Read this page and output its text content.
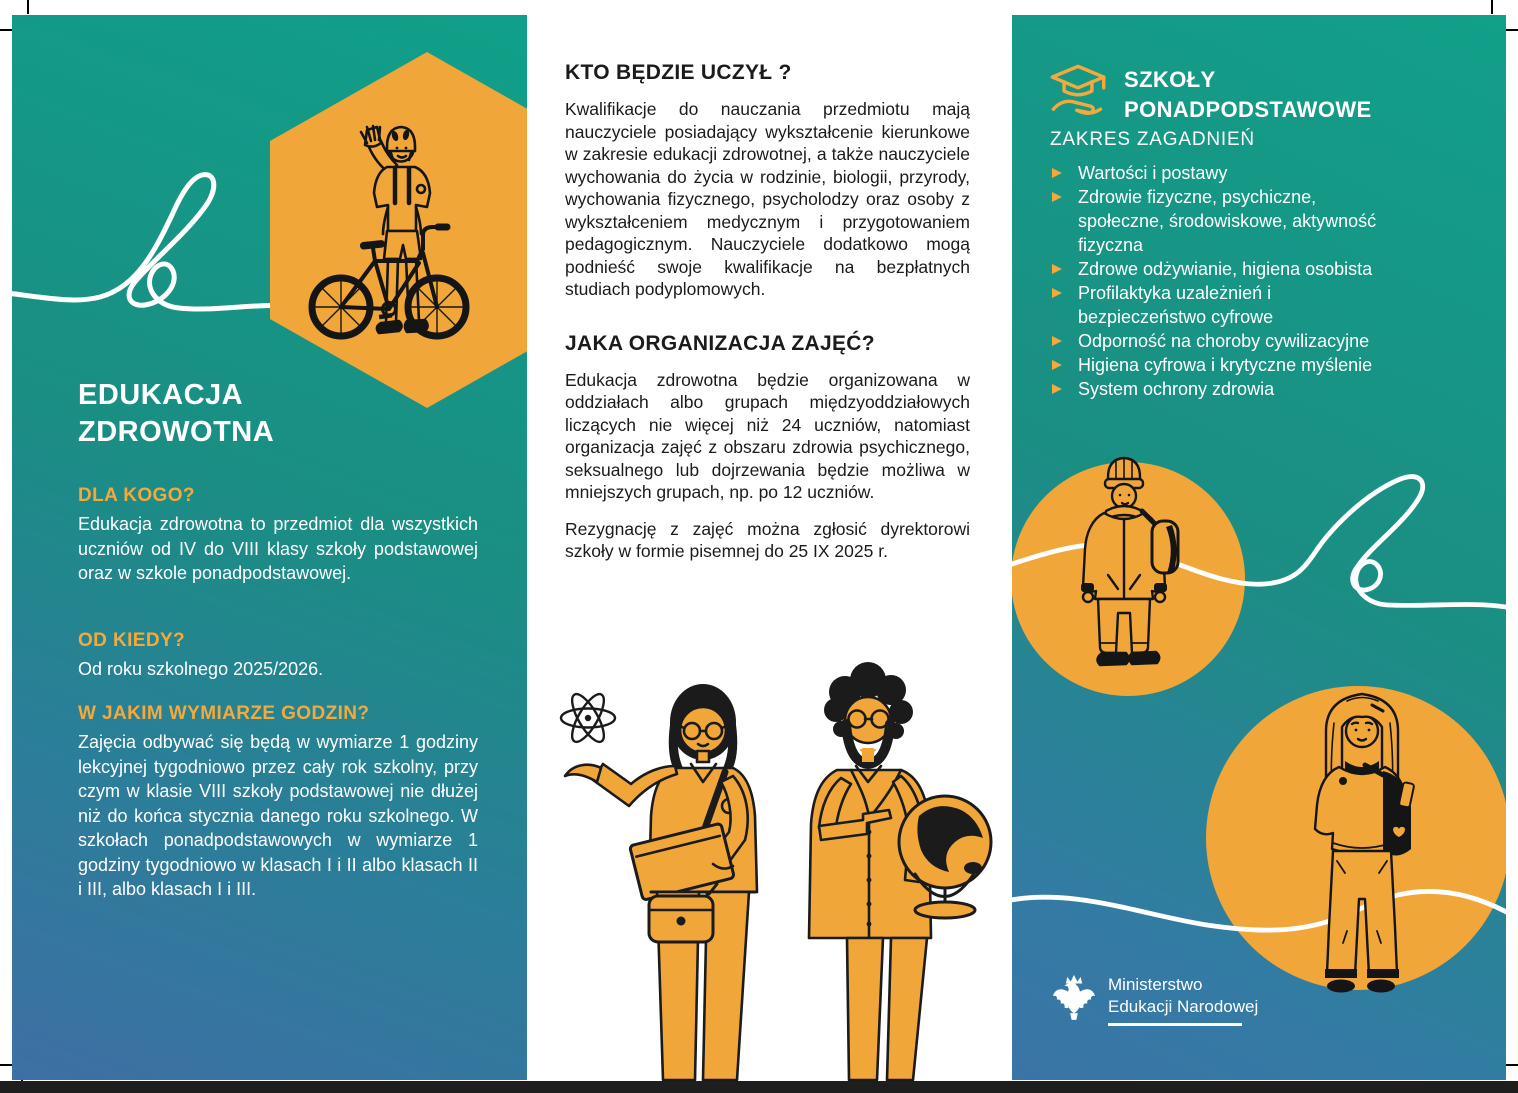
EDUKACJA
ZDROWOTNA
DLA KOGO?

Edukacja zdrowotna to przedmiot dla wszystkich uczniów od IV do VIII klasy szkoły podstawowej oraz w szkole ponadpodstawowej.

OD KIEDY?

Od roku szkolnego 2025/2026.

W JAKIM WYMIARZE GODZIN?

Zajęcia odbywać się będą w wymiarze 1 godziny lekcyjnej tygodniowo przez cały rok szkolny, przy czym w klasie VIII szkoły podstawowej nie dłużej niż do końca stycznia danego roku szkolnego. W szkołach ponadpodstawowych w wymiarze 1 godziny tygodniowo w klasach I i II albo klasach II i III, albo klasach I i III.

KTO BĘDZIE UCZYŁ ?

Kwalifikacje do nauczania przedmiotu mają nauczyciele posiadający wykształcenie kierunkowe w zakresie edukacji zdrowotnej, a także nauczyciele wychowania do życia w rodzinie, biologii, przyrody, wychowania fizycznego, psycholodzy oraz osoby z wykształceniem medycznym i przygotowaniem pedagogicznym. Nauczyciele dodatkowo mogą podnieść swoje kwalifikacje na bezpłatnych studiach podyplomowych.

JAKA ORGANIZACJA ZAJĘĆ?

Edukacja zdrowotna będzie organizowana w oddziałach albo grupach międzyoddziałowych liczących nie więcej niż 24 uczniów, natomiast organizacja zajęć z obszaru zdrowia psychicznego, seksualnego lub dojrzewania będzie możliwa w mniejszych grupach, np. po 12 uczniów.

Rezygnację z zajęć można zgłosić dyrektorowi szkoły w formie pisemnej do 25 IX 2025 r.

SZKOŁY
PONADPODSTAWOWE
ZAKRES ZAGADNIEŃ
Wartości i postawy
Zdrowie fizyczne, psychiczne, społeczne, środowiskowe, aktywność fizyczna
Zdrowe odżywianie, higiena osobista
Profilaktyka uzależnień i bezpieczeństwo cyfrowe
Odporność na choroby cywilizacyjne
Higiena cyfrowa i krytyczne myślenie
System ochrony zdrowia
Ministerstwo
Edukacji Narodowej
